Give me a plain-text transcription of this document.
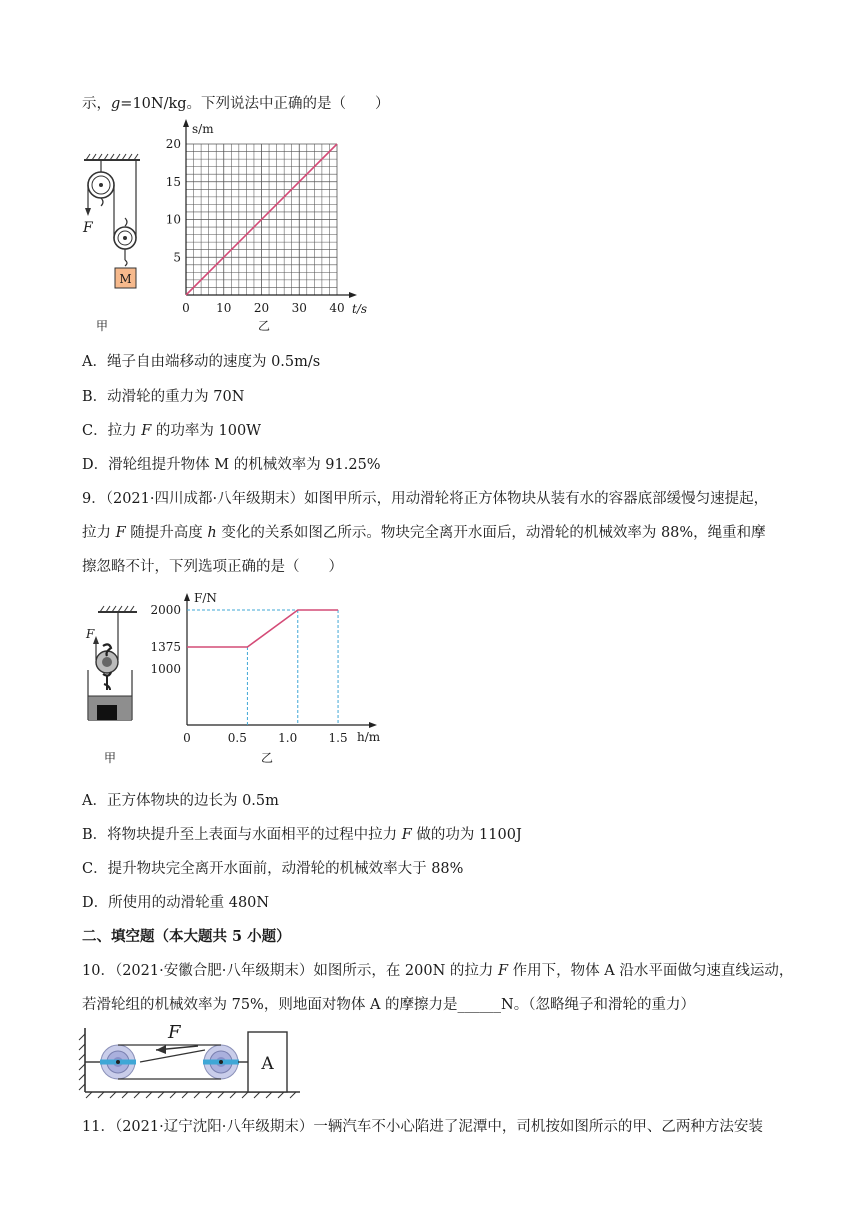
示，g=10N/kg。下列说法中正确的是（　　）
M
F
甲
s/m
t/s
5
10
15
20
0 10 20 30 40
乙
A．绳子自由端移动的速度为 0.5m/s
B．动滑轮的重力为 70N
C．拉力 F 的功率为 100W
D．滑轮组提升物体 M 的机械效率为 91.25%
9．（2021·四川成都·八年级期末）如图甲所示，用动滑轮将正方体物块从装有水的容器底部缓慢匀速提起，
拉力 F 随提升高度 h 变化的关系如图乙所示。物块完全离开水面后，动滑轮的机械效率为 88%，绳重和摩
擦忽略不计，下列选项正确的是（　　）
F
甲
F/N
h/m
1000
1375
2000
0	0.5	1.0	1.5
乙
A．正方体物块的边长为 0.5m
B．将物块提升至上表面与水面相平的过程中拉力 F 做的功为 1100J
C．提升物块完全离开水面前，动滑轮的机械效率大于 88%
D．所使用的动滑轮重 480N
二、填空题（本大题共 5 小题）
10．（2021·安徽合肥·八年级期末）如图所示，在 200N 的拉力 F 作用下，物体 A 沿水平面做匀速直线运动，
若滑轮组的机械效率为 75%，则地面对物体 A 的摩擦力是______N。（忽略绳子和滑轮的重力）
F
A
11．（2021·辽宁沈阳·八年级期末）一辆汽车不小心陷进了泥潭中，司机按如图所示的甲、乙两种方法安装
